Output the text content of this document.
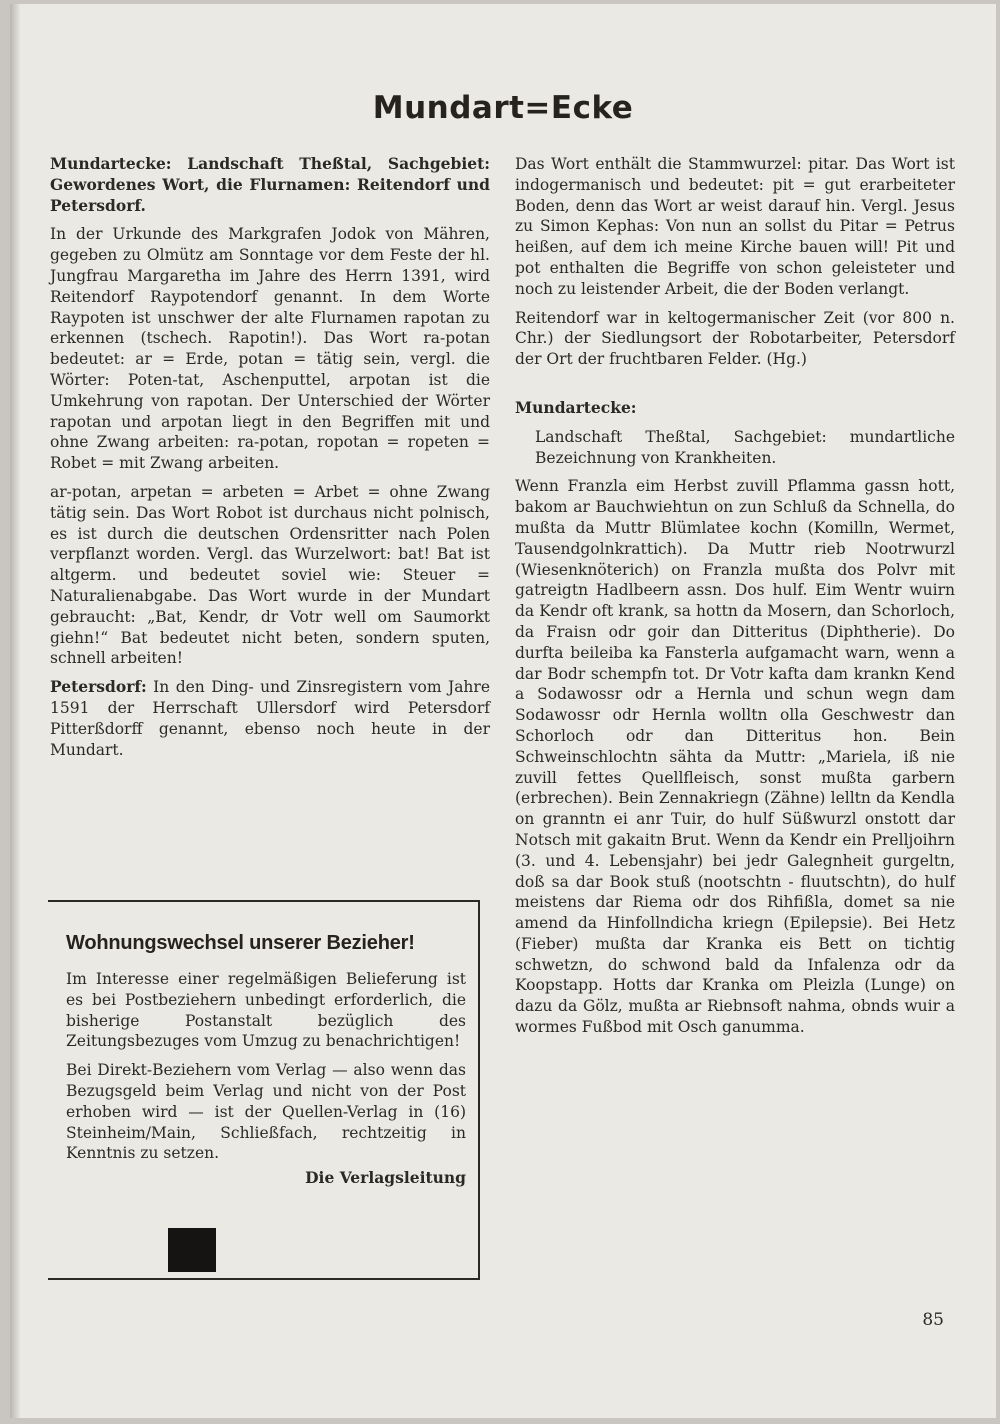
Mundart=Ecke

Mundartecke: Landschaft Theßtal, Sachgebiet: Gewordenes Wort, die Flurnamen: Reitendorf und Petersdorf.

In der Urkunde des Markgrafen Jodok von Mähren, gegeben zu Olmütz am Sonntage vor dem Feste der hl. Jungfrau Margaretha im Jahre des Herrn 1391, wird Reitendorf Raypotendorf genannt. In dem Worte Raypoten ist unschwer der alte Flurnamen rapotan zu erkennen (tschech. Rapotin!). Das Wort ra-potan bedeutet: ar = Erde, potan = tätig sein, vergl. die Wörter: Poten-tat, Aschenputtel, arpotan ist die Umkehrung von rapotan. Der Unterschied der Wörter rapotan und arpotan liegt in den Begriffen mit und ohne Zwang arbeiten: ra-potan, ropotan = ropeten = Robet = mit Zwang arbeiten.

ar-potan, arpetan = arbeten = Arbet = ohne Zwang tätig sein. Das Wort Robot ist durchaus nicht polnisch, es ist durch die deutschen Ordensritter nach Polen verpflanzt worden. Vergl. das Wurzelwort: bat! Bat ist altgerm. und bedeutet soviel wie: Steuer = Naturalienabgabe. Das Wort wurde in der Mundart gebraucht: „Bat, Kendr, dr Votr well om Saumorkt giehn!“ Bat bedeutet nicht beten, sondern sputen, schnell arbeiten!

Petersdorf: In den Ding- und Zinsregistern vom Jahre 1591 der Herrschaft Ullersdorf wird Petersdorf Pitterßdorff genannt, ebenso noch heute in der Mundart.

Wohnungswechsel unserer Bezieher!

Im Interesse einer regelmäßigen Belieferung ist es bei Postbeziehern unbedingt erforderlich, die bisherige Postanstalt bezüglich des Zeitungsbezuges vom Umzug zu benachrichtigen!

Bei Direkt-Beziehern vom Verlag — also wenn das Bezugsgeld beim Verlag und nicht von der Post erhoben wird — ist der Quellen-Verlag in (16) Steinheim/Main, Schließfach, rechtzeitig in Kenntnis zu setzen.

Die Verlagsleitung

Das Wort enthält die Stammwurzel: pitar. Das Wort ist indogermanisch und bedeutet: pit = gut erarbeiteter Boden, denn das Wort ar weist darauf hin. Vergl. Jesus zu Simon Kephas: Von nun an sollst du Pitar = Petrus heißen, auf dem ich meine Kirche bauen will! Pit und pot enthalten die Begriffe von schon geleisteter und noch zu leistender Arbeit, die der Boden verlangt.

Reitendorf war in keltogermanischer Zeit (vor 800 n. Chr.) der Siedlungsort der Robotarbeiter, Petersdorf der Ort der fruchtbaren Felder. (Hg.)

Mundartecke:

Landschaft Theßtal, Sachgebiet: mundartliche Bezeichnung von Krankheiten.

Wenn Franzla eim Herbst zuvill Pflamma gassn hott, bakom ar Bauchwiehtun on zun Schluß da Schnella, do mußta da Muttr Blümlatee kochn (Komilln, Wermet, Tausendgolnkrattich). Da Muttr rieb Nootrwurzl (Wiesenknöterich) on Franzla mußta dos Polvr mit gatreigtn Hadlbeern assn. Dos hulf. Eim Wentr wuirn da Kendr oft krank, sa hottn da Mosern, dan Schorloch, da Fraisn odr goir dan Ditteritus (Diphtherie). Do durfta beileiba ka Fansterla aufgamacht warn, wenn a dar Bodr schempfn tot. Dr Votr kafta dam krankn Kend a Sodawossr odr a Hernla und schun wegn dam Sodawossr odr Hernla wolltn olla Geschwestr dan Schorloch odr dan Ditteritus hon. Bein Schweinschlochtn sähta da Muttr: „Mariela, iß nie zuvill fettes Quellfleisch, sonst mußta garbern (erbrechen). Bein Zennakriegn (Zähne) lelltn da Kendla on granntn ei anr Tuir, do hulf Süßwurzl onstott dar Notsch mit gakaitn Brut. Wenn da Kendr ein Prelljoihrn (3. und 4. Lebensjahr) bei jedr Galegnheit gurgeltn, doß sa dar Book stuß (nootschtn - fluutschtn), do hulf meistens dar Riema odr dos Rihfißla, domet sa nie amend da Hinfollndicha kriegn (Epilepsie). Bei Hetz (Fieber) mußta dar Kranka eis Bett on tichtig schwetzn, do schwond bald da Infalenza odr da Koopstapp. Hotts dar Kranka om Pleizla (Lunge) on dazu da Gölz, mußta ar Riebnsoft nahma, obnds wuir a wormes Fußbod mit Osch ganumma.

85
